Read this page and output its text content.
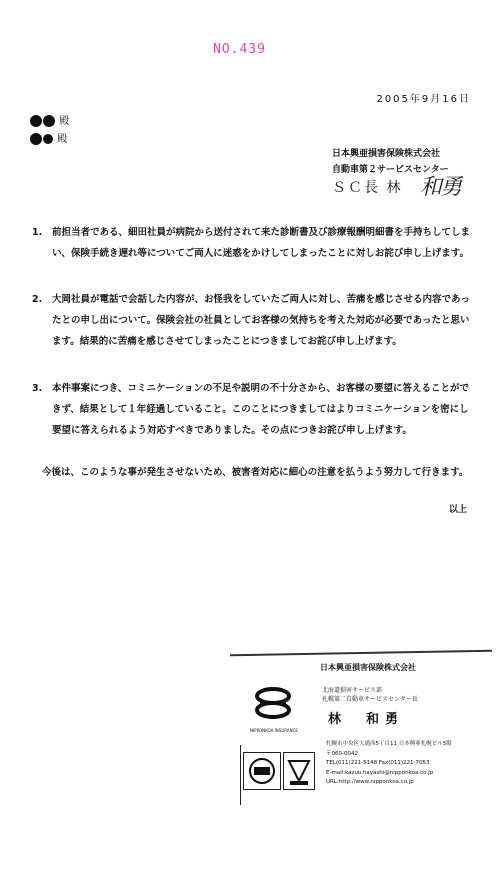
NO.439
2005年9月16日
殿
殿
日本興亜損害保険株式会社
自動車第２サービスセンター
ＳＣ長 林 和勇
1. 前担当者である、細田社員が病院から送付されて来た診断書及び診療報酬明細書を手持ちしてしまい、保険手続き遅れ等についてご両人に迷惑をかけしてしまったことに対しお詫び申し上げます。
2. 大岡社員が電話で会話した内容が、お怪我をしていたご両人に対し、苦痛を感じさせる内容であったとの申し出について。保険会社の社員としてお客様の気持ちを考えた対応が必要であったと思います。結果的に苦痛を感じさせてしまったことにつきましてお詫び申し上げます。
3. 本件事案につき、コミニケーションの不足や説明の不十分さから、お客様の要望に答えることができず、結果として１年経過していること。このことにつきましてはよりコミニケーションを密にし要望に答えられるよう対応すべきでありました。その点につきお詫び申し上げます。
今後は、このような事が発生させないため、被害者対応に細心の注意を払うよう努力して行きます。
以上
日本興亜損害保険株式会社
北海道損害サービス部
札幌第二自動車サービスセンター長
林　和勇
NIPPONKOA INSURANCE
札幌市中央区大通西5丁目11 日本興亜札幌ビル5階
〒060-0042
TEL(011)221-5148 Fax(011)221-7053
E-mail:kazuo.hayashi@nipponkoa.co.jp
URL:http://www.nipponkoa.co.jp
